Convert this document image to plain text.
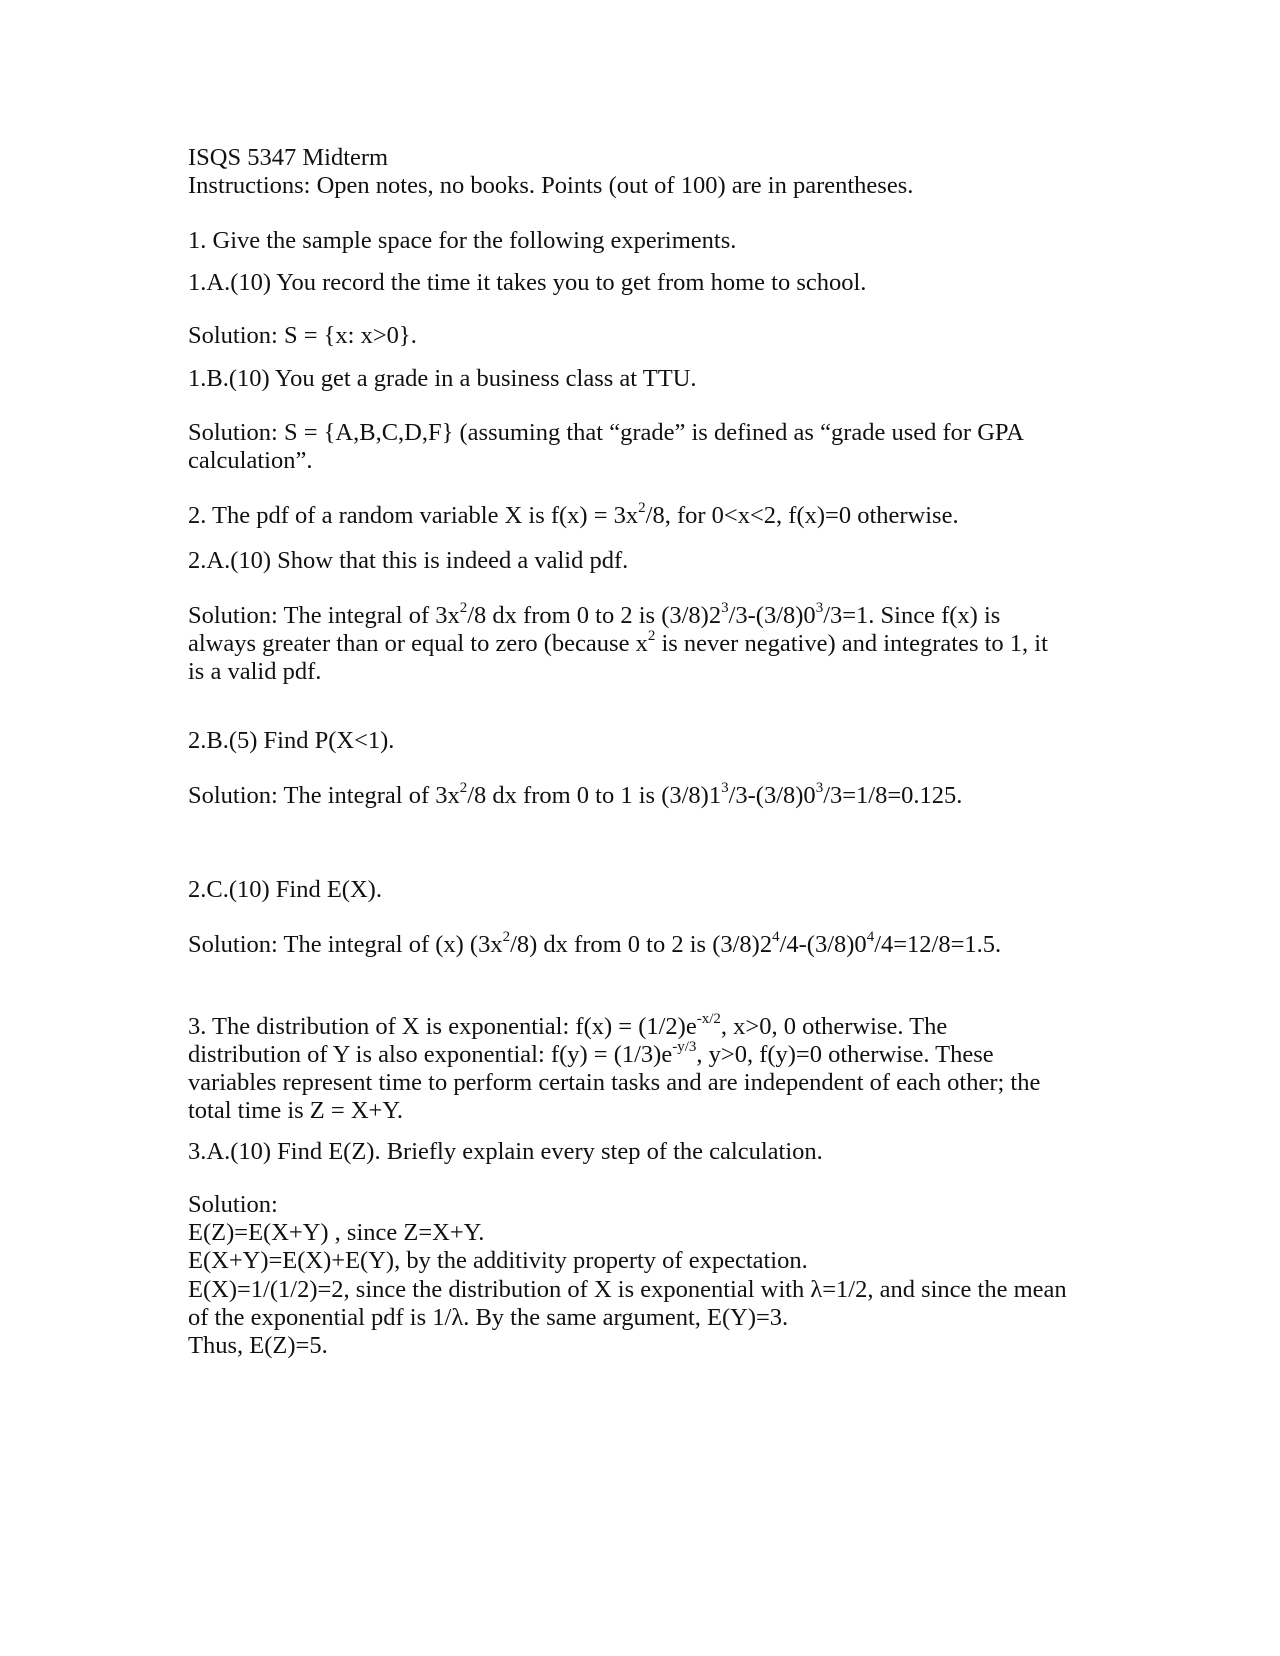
ISQS 5347 Midterm
Instructions: Open notes, no books. Points (out of 100) are in parentheses.
1. Give the sample space for the following experiments.
1.A.(10) You record the time it takes you to get from home to school.
Solution: S = {x: x>0}.
1.B.(10) You get a grade in a business class at TTU.
Solution: S = {A,B,C,D,F} (assuming that “grade” is defined as “grade used for GPA
calculation”.
2. The pdf of a random variable X is $f(x) = 3x^2/8$, for 0<x<2, f(x)=0 otherwise.
2.A.(10) Show that this is indeed a valid pdf.
Solution: The integral of $3x^2/8$ dx from 0 to 2 is $(3/8)2^3/3-(3/8)0^3/3=1$. Since f(x) is
always greater than or equal to zero (because $x^2$ is never negative) and integrates to 1, it
is a valid pdf.
2.B.(5) Find P(X<1).
Solution: The integral of $3x^2/8$ dx from 0 to 1 is $(3/8)1^3/3-(3/8)0^3/3=1/8=0.125$.
2.C.(10) Find E(X).
Solution: The integral of (x) $(3x^2/8)$ dx from 0 to 2 is $(3/8)2^4/4-(3/8)0^4/4=12/8=1.5$.
3. The distribution of X is exponential: $f(x) = (1/2)e^{-x/2}$, x>0, 0 otherwise. The
distribution of Y is also exponential: $f(y) = (1/3)e^{-y/3}$, y>0, f(y)=0 otherwise. These
variables represent time to perform certain tasks and are independent of each other; the
total time is Z = X+Y.
3.A.(10) Find E(Z). Briefly explain every step of the calculation.
Solution:
E(Z)=E(X+Y) , since Z=X+Y.
E(X+Y)=E(X)+E(Y), by the additivity property of expectation.
E(X)=1/(1/2)=2, since the distribution of X is exponential with λ=1/2, and since the mean
of the exponential pdf is 1/λ. By the same argument, E(Y)=3.
Thus, E(Z)=5.
